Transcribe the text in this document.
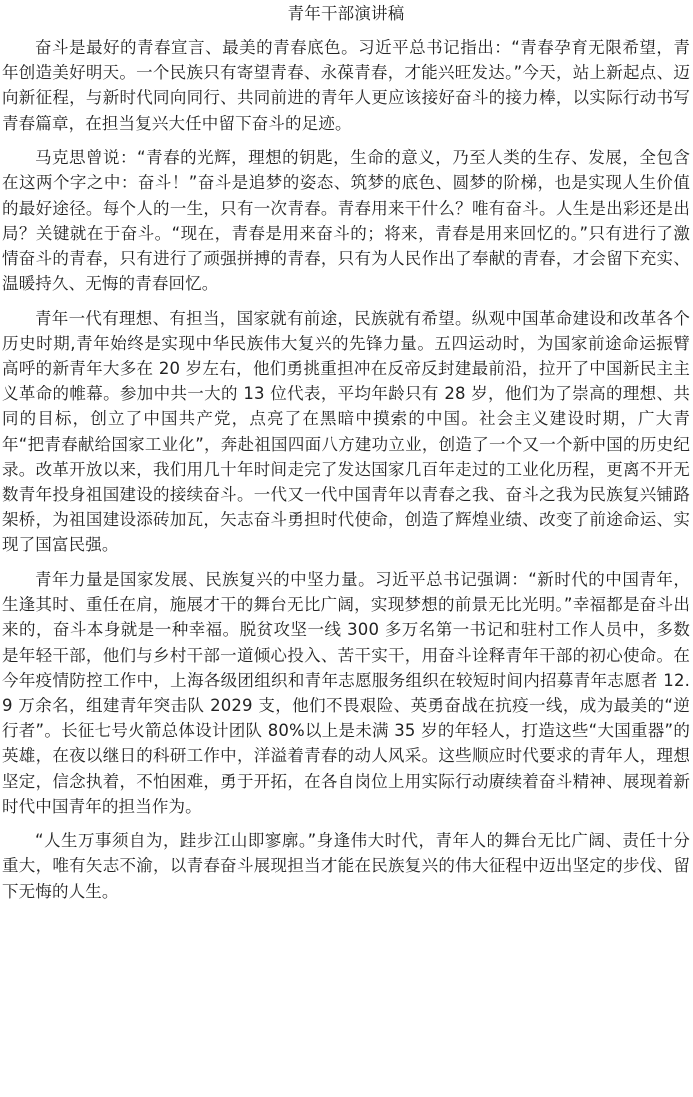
青年干部演讲稿

奋斗是最好的青春宣言、最美的青春底色。习近平总书记指出：“青春孕育无限希望，青年创造美好明天。一个民族只有寄望青春、永葆青春，才能兴旺发达。”今天，站上新起点、迈向新征程，与新时代同向同行、共同前进的青年人更应该接好奋斗的接力棒，以实际行动书写青春篇章，在担当复兴大任中留下奋斗的足迹。

马克思曾说：“青春的光辉，理想的钥匙，生命的意义，乃至人类的生存、发展，全包含在这两个字之中：奋斗！”奋斗是追梦的姿态、筑梦的底色、圆梦的阶梯，也是实现人生价值的最好途径。每个人的一生，只有一次青春。青春用来干什么？唯有奋斗。人生是出彩还是出局？关键就在于奋斗。“现在，青春是用来奋斗的；将来，青春是用来回忆的。”只有进行了激情奋斗的青春，只有进行了顽强拼搏的青春，只有为人民作出了奉献的青春，才会留下充实、温暖持久、无悔的青春回忆。

青年一代有理想、有担当，国家就有前途，民族就有希望。纵观中国革命建设和改革各个历史时期,青年始终是实现中华民族伟大复兴的先锋力量。五四运动时，为国家前途命运振臂高呼的新青年大多在 20 岁左右，他们勇挑重担冲在反帝反封建最前沿，拉开了中国新民主主义革命的帷幕。参加中共一大的 13 位代表，平均年龄只有 28 岁，他们为了崇高的理想、共同的目标，创立了中国共产党，点亮了在黑暗中摸索的中国。社会主义建设时期，广大青年“把青春献给国家工业化”，奔赴祖国四面八方建功立业，创造了一个又一个新中国的历史纪录。改革开放以来，我们用几十年时间走完了发达国家几百年走过的工业化历程，更离不开无数青年投身祖国建设的接续奋斗。一代又一代中国青年以青春之我、奋斗之我为民族复兴铺路架桥，为祖国建设添砖加瓦，矢志奋斗勇担时代使命，创造了辉煌业绩、改变了前途命运、实现了国富民强。

青年力量是国家发展、民族复兴的中坚力量。习近平总书记强调：“新时代的中国青年，生逢其时、重任在肩，施展才干的舞台无比广阔，实现梦想的前景无比光明。”幸福都是奋斗出来的，奋斗本身就是一种幸福。脱贫攻坚一线 300 多万名第一书记和驻村工作人员中，多数是年轻干部，他们与乡村干部一道倾心投入、苦干实干，用奋斗诠释青年干部的初心使命。在今年疫情防控工作中，上海各级团组织和青年志愿服务组织在较短时间内招募青年志愿者 12.9 万余名，组建青年突击队 2029 支，他们不畏艰险、英勇奋战在抗疫一线，成为最美的“逆行者”。长征七号火箭总体设计团队 80%以上是未满 35 岁的年轻人，打造这些“大国重器”的英雄，在夜以继日的科研工作中，洋溢着青春的动人风采。这些顺应时代要求的青年人，理想坚定，信念执着，不怕困难，勇于开拓，在各自岗位上用实际行动赓续着奋斗精神、展现着新时代中国青年的担当作为。

“人生万事须自为，跬步江山即寥廓。”身逢伟大时代，青年人的舞台无比广阔、责任十分重大，唯有矢志不渝，以青春奋斗展现担当才能在民族复兴的伟大征程中迈出坚定的步伐、留下无悔的人生。
